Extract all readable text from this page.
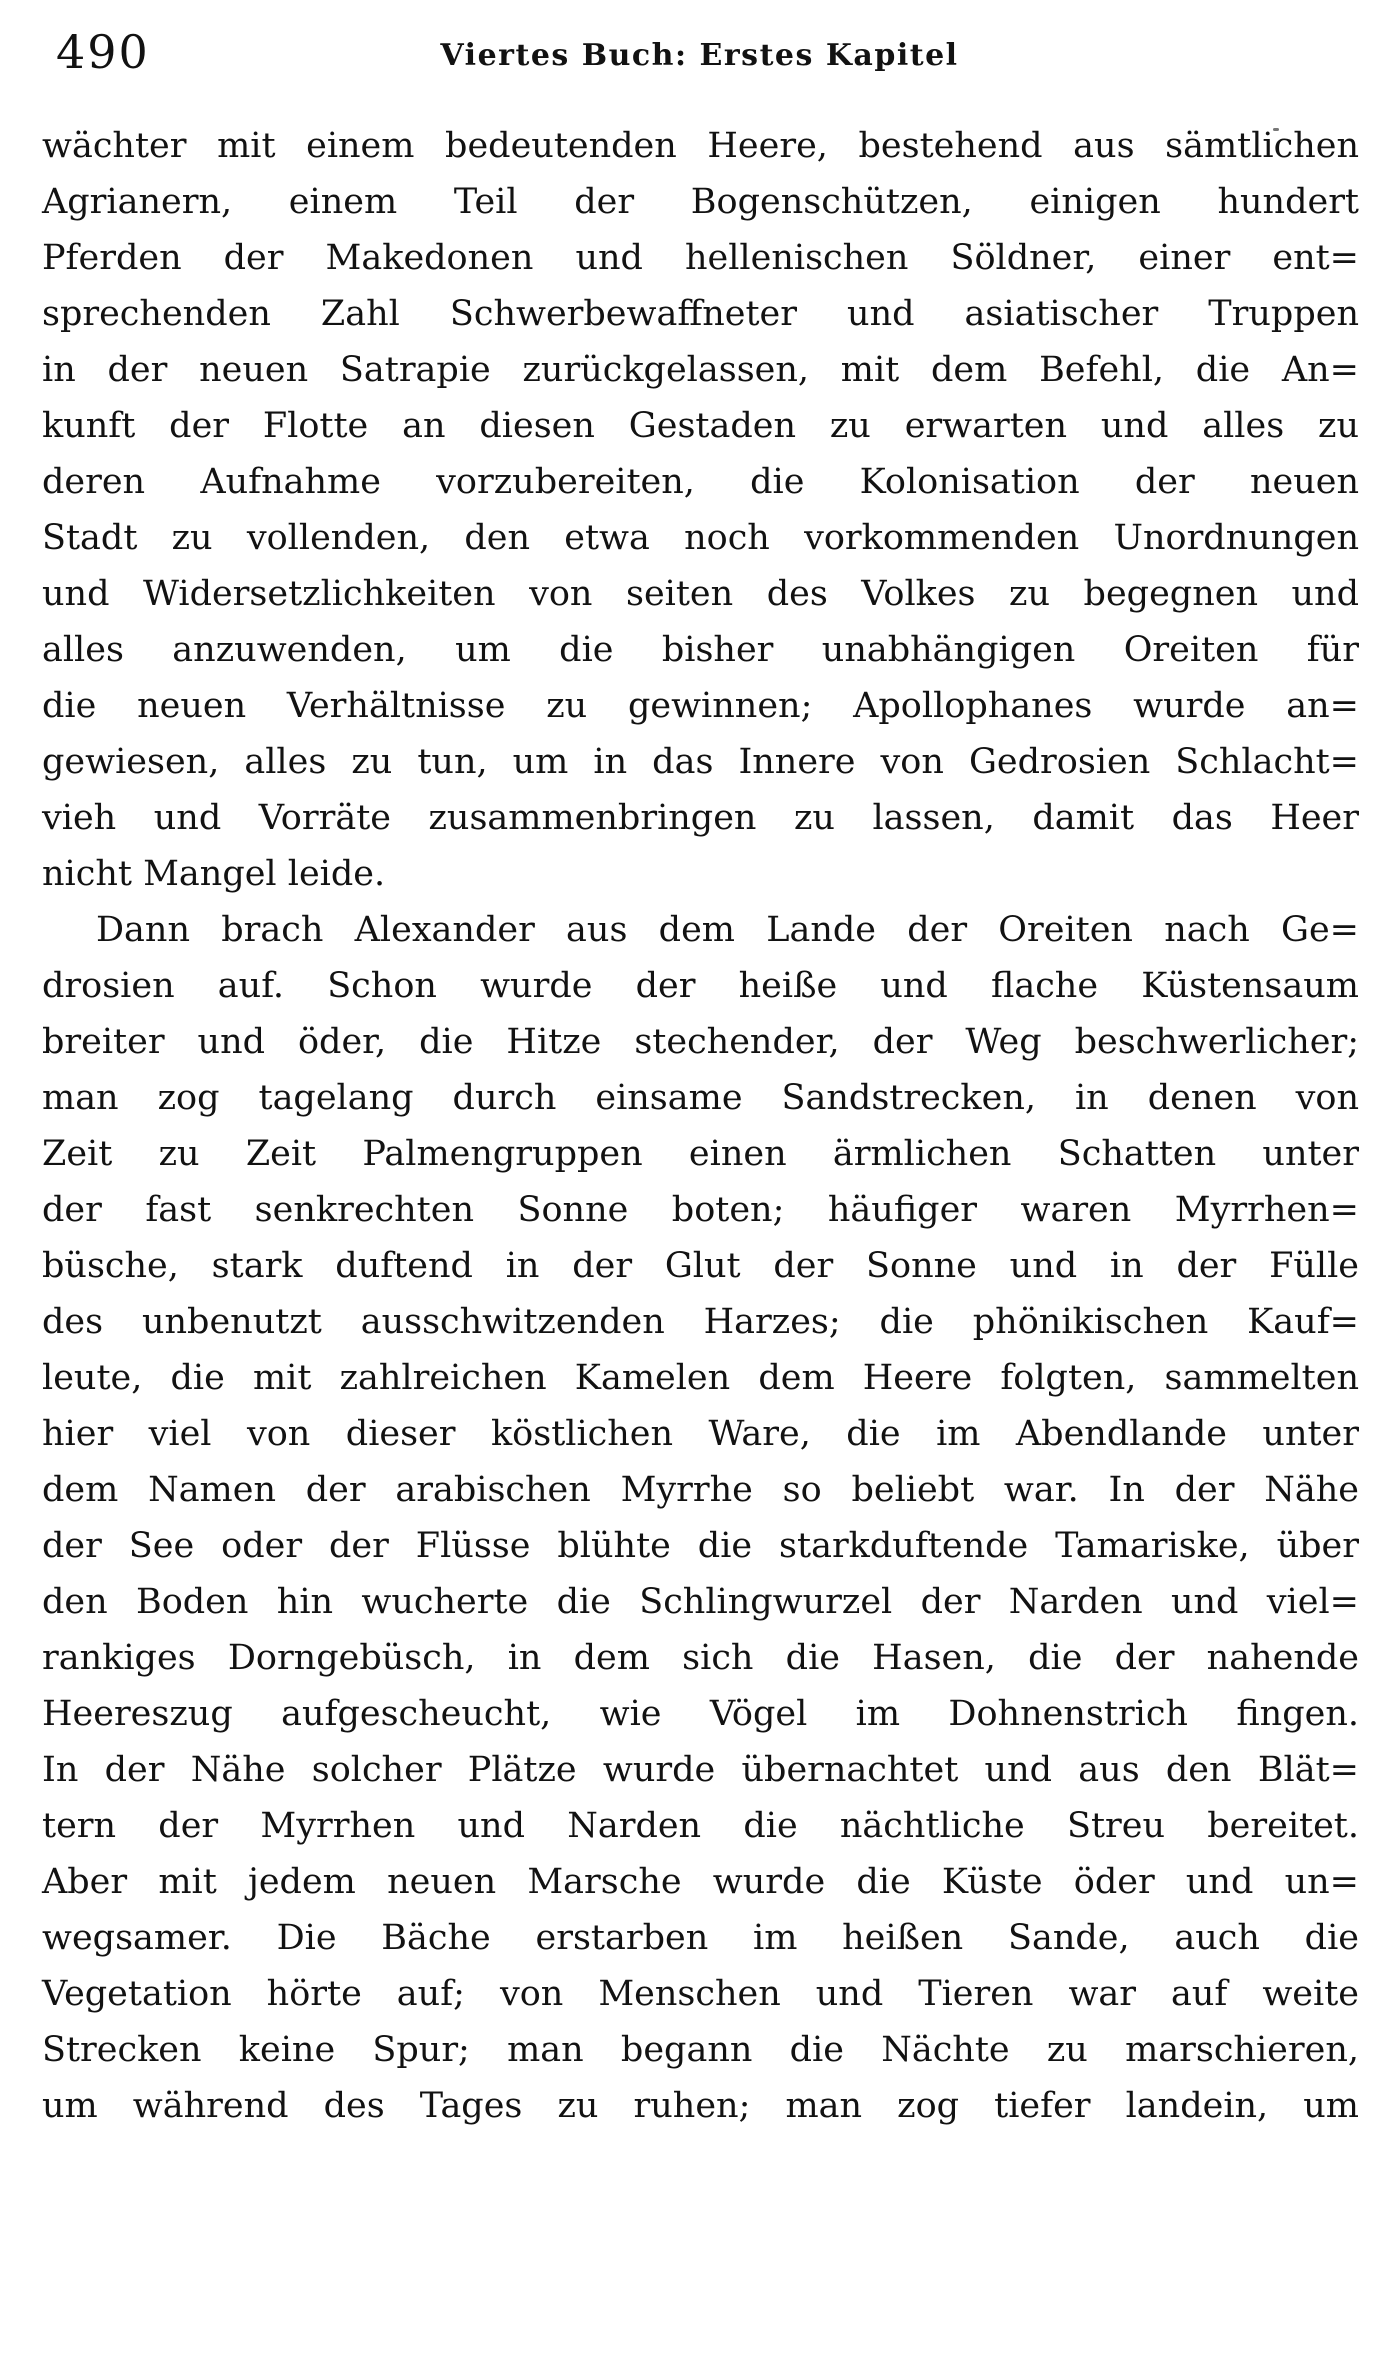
490	Viertes Buch: Erstes Kapitel
wächter mit einem bedeutenden Heere, bestehend aus sämtlichen
Agrianern, einem Teil der Bogenschützen, einigen hundert
Pferden der Makedonen und hellenischen Söldner, einer ent=
sprechenden Zahl Schwerbewaffneter und asiatischer Truppen
in der neuen Satrapie zurückgelassen, mit dem Befehl, die An=
kunft der Flotte an diesen Gestaden zu erwarten und alles zu
deren Aufnahme vorzubereiten, die Kolonisation der neuen
Stadt zu vollenden, den etwa noch vorkommenden Unordnungen
und Widersetzlichkeiten von seiten des Volkes zu begegnen und
alles anzuwenden, um die bisher unabhängigen Oreiten für
die neuen Verhältnisse zu gewinnen; Apollophanes wurde an=
gewiesen, alles zu tun, um in das Innere von Gedrosien Schlacht=
vieh und Vorräte zusammenbringen zu lassen, damit das Heer
nicht Mangel leide.
Dann brach Alexander aus dem Lande der Oreiten nach Ge=
drosien auf. Schon wurde der heiße und flache Küstensaum
breiter und öder, die Hitze stechender, der Weg beschwerlicher;
man zog tagelang durch einsame Sandstrecken, in denen von
Zeit zu Zeit Palmengruppen einen ärmlichen Schatten unter
der fast senkrechten Sonne boten; häufiger waren Myrrhen=
büsche, stark duftend in der Glut der Sonne und in der Fülle
des unbenutzt ausschwitzenden Harzes; die phönikischen Kauf=
leute, die mit zahlreichen Kamelen dem Heere folgten, sammelten
hier viel von dieser köstlichen Ware, die im Abendlande unter
dem Namen der arabischen Myrrhe so beliebt war. In der Nähe
der See oder der Flüsse blühte die starkduftende Tamariske, über
den Boden hin wucherte die Schlingwurzel der Narden und viel=
rankiges Dorngebüsch, in dem sich die Hasen, die der nahende
Heereszug aufgescheucht, wie Vögel im Dohnenstrich fingen.
In der Nähe solcher Plätze wurde übernachtet und aus den Blät=
tern der Myrrhen und Narden die nächtliche Streu bereitet.
Aber mit jedem neuen Marsche wurde die Küste öder und un=
wegsamer. Die Bäche erstarben im heißen Sande, auch die
Vegetation hörte auf; von Menschen und Tieren war auf weite
Strecken keine Spur; man begann die Nächte zu marschieren,
um während des Tages zu ruhen; man zog tiefer landein, um
